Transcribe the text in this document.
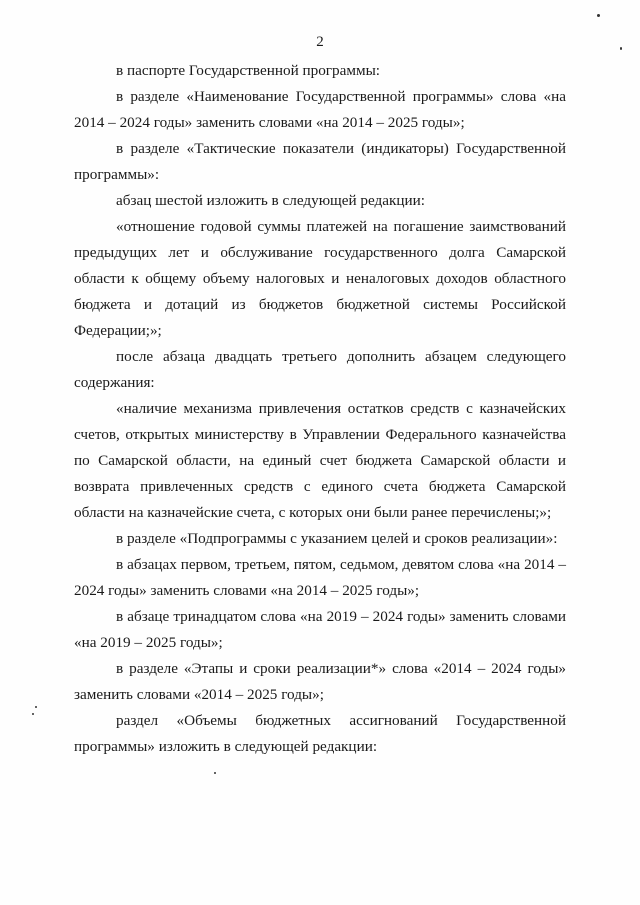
2

в паспорте Государственной программы:

в разделе «Наименование Государственной программы» слова «на 2014 – 2024 годы» заменить словами «на 2014 – 2025 годы»;

в разделе «Тактические показатели (индикаторы) Государственной программы»:

абзац шестой изложить в следующей редакции:

«отношение годовой суммы платежей на погашение заимствований предыдущих лет и обслуживание государственного долга Самарской области к общему объему налоговых и неналоговых доходов областного бюджета и дотаций из бюджетов бюджетной системы Российской Федерации;»;

после абзаца двадцать третьего дополнить абзацем следующего содержания:

«наличие механизма привлечения остатков средств с казначейских счетов, открытых министерству в Управлении Федерального казначейства по Самарской области, на единый счет бюджета Самарской области и возврата привлеченных средств с единого счета бюджета Самарской области на казначейские счета, с которых они были ранее перечислены;»;

в разделе «Подпрограммы с указанием целей и сроков реализации»:

в абзацах первом, третьем, пятом, седьмом, девятом слова «на 2014 – 2024 годы» заменить словами «на 2014 – 2025 годы»;

в абзаце тринадцатом слова «на 2019 – 2024 годы» заменить словами «на 2019 – 2025 годы»;

в разделе «Этапы и сроки реализации*» слова «2014 – 2024 годы» заменить словами «2014 – 2025 годы»;

раздел «Объемы бюджетных ассигнований Государственной программы» изложить в следующей редакции:
